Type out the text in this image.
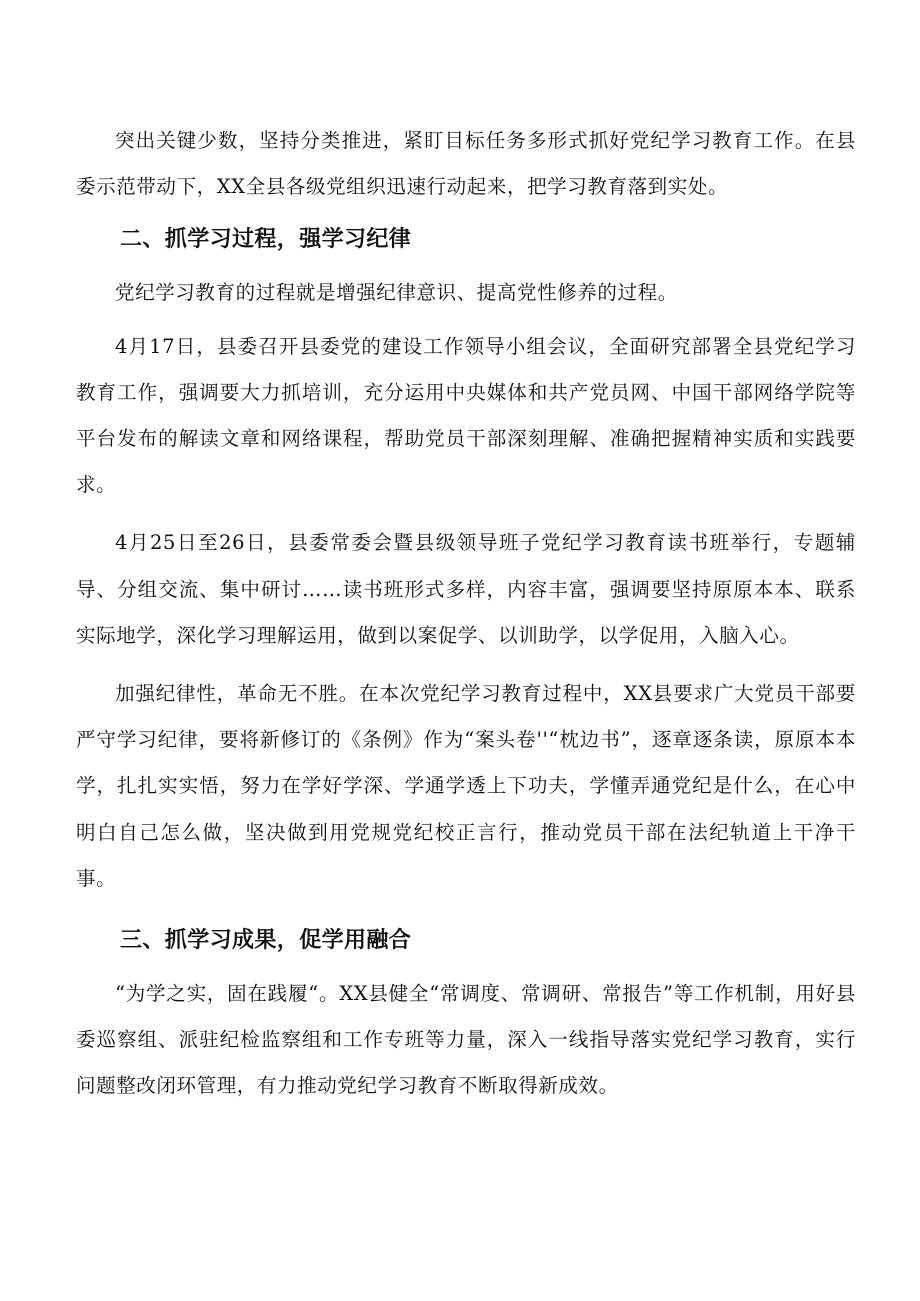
突出关键少数，坚持分类推进，紧盯目标任务多形式抓好党纪学习教育工作。在县委示范带动下，XX全县各级党组织迅速行动起来，把学习教育落到实处。

二、抓学习过程，强学习纪律

党纪学习教育的过程就是增强纪律意识、提高党性修养的过程。

4月17日，县委召开县委党的建设工作领导小组会议，全面研究部署全县党纪学习教育工作，强调要大力抓培训，充分运用中央媒体和共产党员网、中国干部网络学院等平台发布的解读文章和网络课程，帮助党员干部深刻理解、准确把握精神实质和实践要求。

4月25日至26日，县委常委会暨县级领导班子党纪学习教育读书班举行，专题辅导、分组交流、集中研讨……读书班形式多样，内容丰富，强调要坚持原原本本、联系实际地学，深化学习理解运用，做到以案促学、以训助学，以学促用，入脑入心。

加强纪律性，革命无不胜。在本次党纪学习教育过程中，XX县要求广大党员干部要严守学习纪律，要将新修订的《条例》作为“案头卷''“枕边书”，逐章逐条读，原原本本学，扎扎实实悟，努力在学好学深、学通学透上下功夫，学懂弄通党纪是什么，在心中明白自己怎么做，坚决做到用党规党纪校正言行，推动党员干部在法纪轨道上干净干事。

三、抓学习成果，促学用融合

“为学之实，固在践履“。XX县健全“常调度、常调研、常报告”等工作机制，用好县委巡察组、派驻纪检监察组和工作专班等力量，深入一线指导落实党纪学习教育，实行问题整改闭环管理，有力推动党纪学习教育不断取得新成效。
